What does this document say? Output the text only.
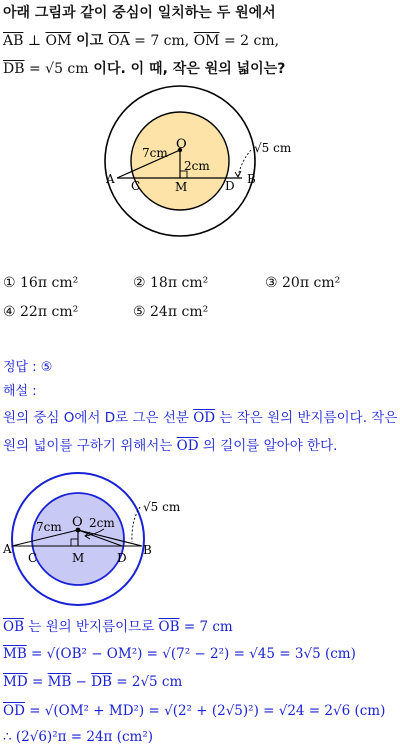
아래 그림과 같이 중심이 일치하는 두 원에서
$\overline{AB}$ ⊥ $\overline{OM}$ 이고 $\overline{OA} = 7$ cm, $\overline{OM} = 2$ cm,
$\overline{DB} = √5$ cm 이다. 이 때, 작은 원의 넓이는?
O
7cm
2cm
A C	M	D B
√5 cm
① 16π cm²	② 18π cm²	③ 20π cm²
④ 22π cm²	⑤ 24π cm²
정답 : ⑤
해설 :
원의 중심 O에서 D로 그은 선분 $\overline{OD}$ 는 작은 원의 반지름이다. 작은
원의 넓이를 구하기 위해서는 $\overline{OD}$ 의 길이를 알아야 한다.
O
7cm 2cm
A
C	M	D
B
√5 cm
$\overline{OB}$ 는 원의 반지름이므로 $\overline{OB} = 7$ cm
$\overline{MB} = √(OB^2 - OM^2) = √(7^2 - 2^2) = √45 = 3√5$ (cm)
$\overline{MD} = \overline{MB} - \overline{DB} = 2√5$ cm
$\overline{OD} = √(OM^2 + MD^2) = √(2^2 + (2√5)^2) = √24 = 2√6$ (cm)
∴ (2√6)²π = 24π (cm²)
